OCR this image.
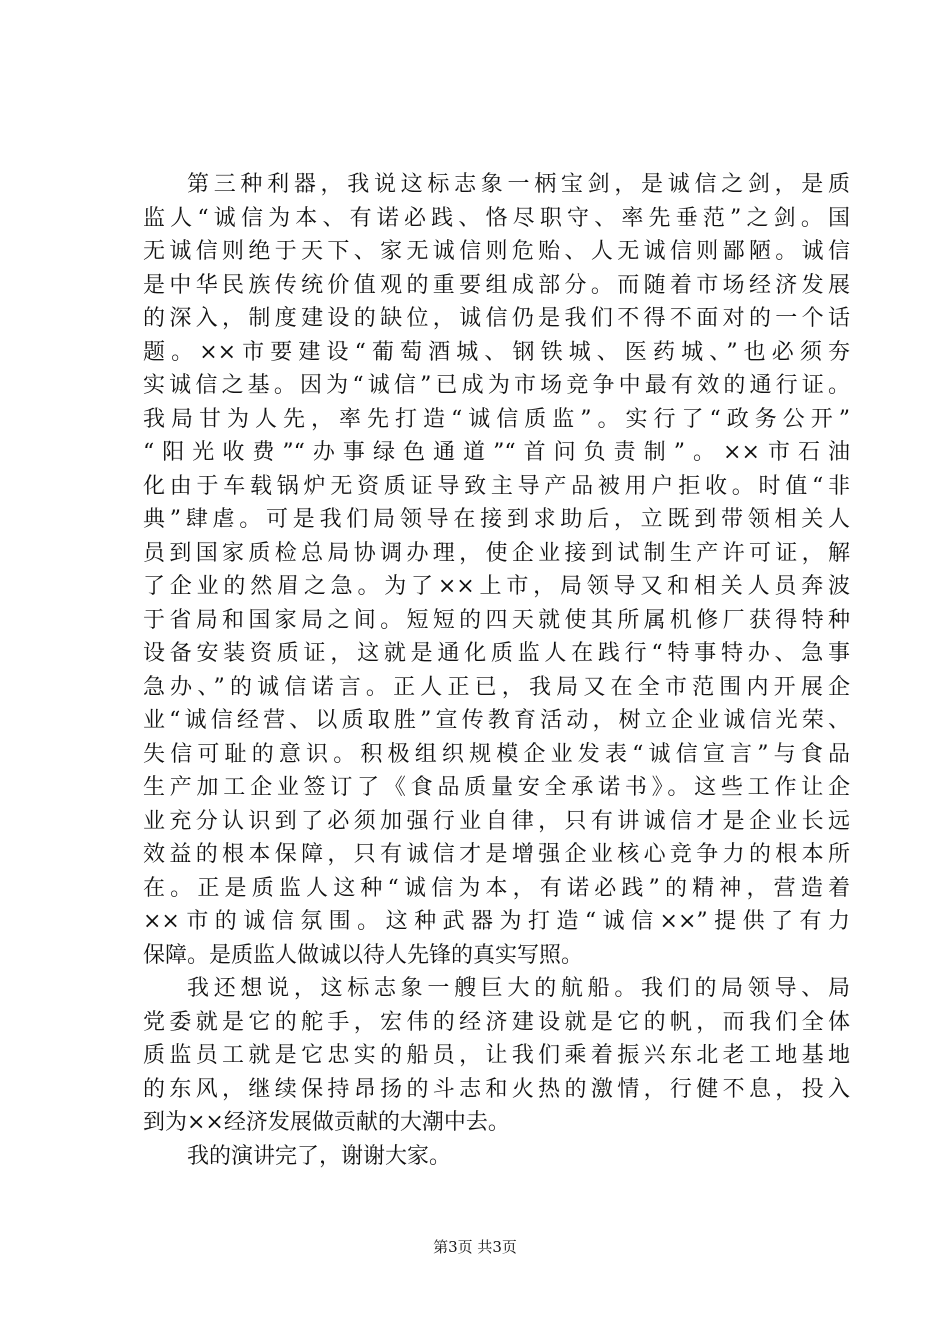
第三种利器，我说这标志象一柄宝剑，是诚信之剑，是质
监人“诚信为本、有诺必践、恪尽职守、率先垂范”之剑。国
无诚信则绝于天下、家无诚信则危贻、人无诚信则鄙陋。诚信
是中华民族传统价值观的重要组成部分。而随着市场经济发展
的深入，制度建设的缺位，诚信仍是我们不得不面对的一个话
题。××市要建设“葡萄酒城、钢铁城、医药城、”也必须夯
实诚信之基。因为“诚信”已成为市场竞争中最有效的通行证。
我局甘为人先，率先打造“诚信质监”。实行了“政务公开”
“阳光收费”“办事绿色通道”“首问负责制”。××市石油
化由于车载锅炉无资质证导致主导产品被用户拒收。时值“非
典”肆虐。可是我们局领导在接到求助后，立既到带领相关人
员到国家质检总局协调办理，使企业接到试制生产许可证，解
了企业的然眉之急。为了××上市，局领导又和相关人员奔波
于省局和国家局之间。短短的四天就使其所属机修厂获得特种
设备安装资质证，这就是通化质监人在践行“特事特办、急事
急办、”的诚信诺言。正人正已，我局又在全市范围内开展企
业“诚信经营、以质取胜”宣传教育活动，树立企业诚信光荣、
失信可耻的意识。积极组织规模企业发表“诚信宣言”与食品
生产加工企业签订了《食品质量安全承诺书》。这些工作让企
业充分认识到了必须加强行业自律，只有讲诚信才是企业长远
效益的根本保障，只有诚信才是增强企业核心竞争力的根本所
在。正是质监人这种“诚信为本，有诺必践”的精神，营造着
××市的诚信氛围。这种武器为打造“诚信××”提供了有力
保障。是质监人做诚以待人先锋的真实写照。
我还想说，这标志象一艘巨大的航船。我们的局领导、局
党委就是它的舵手，宏伟的经济建设就是它的帆，而我们全体
质监员工就是它忠实的船员，让我们乘着振兴东北老工地基地
的东风，继续保持昂扬的斗志和火热的激情，行健不息，投入
到为××经济发展做贡献的大潮中去。
我的演讲完了，谢谢大家。
第3页 共3页
